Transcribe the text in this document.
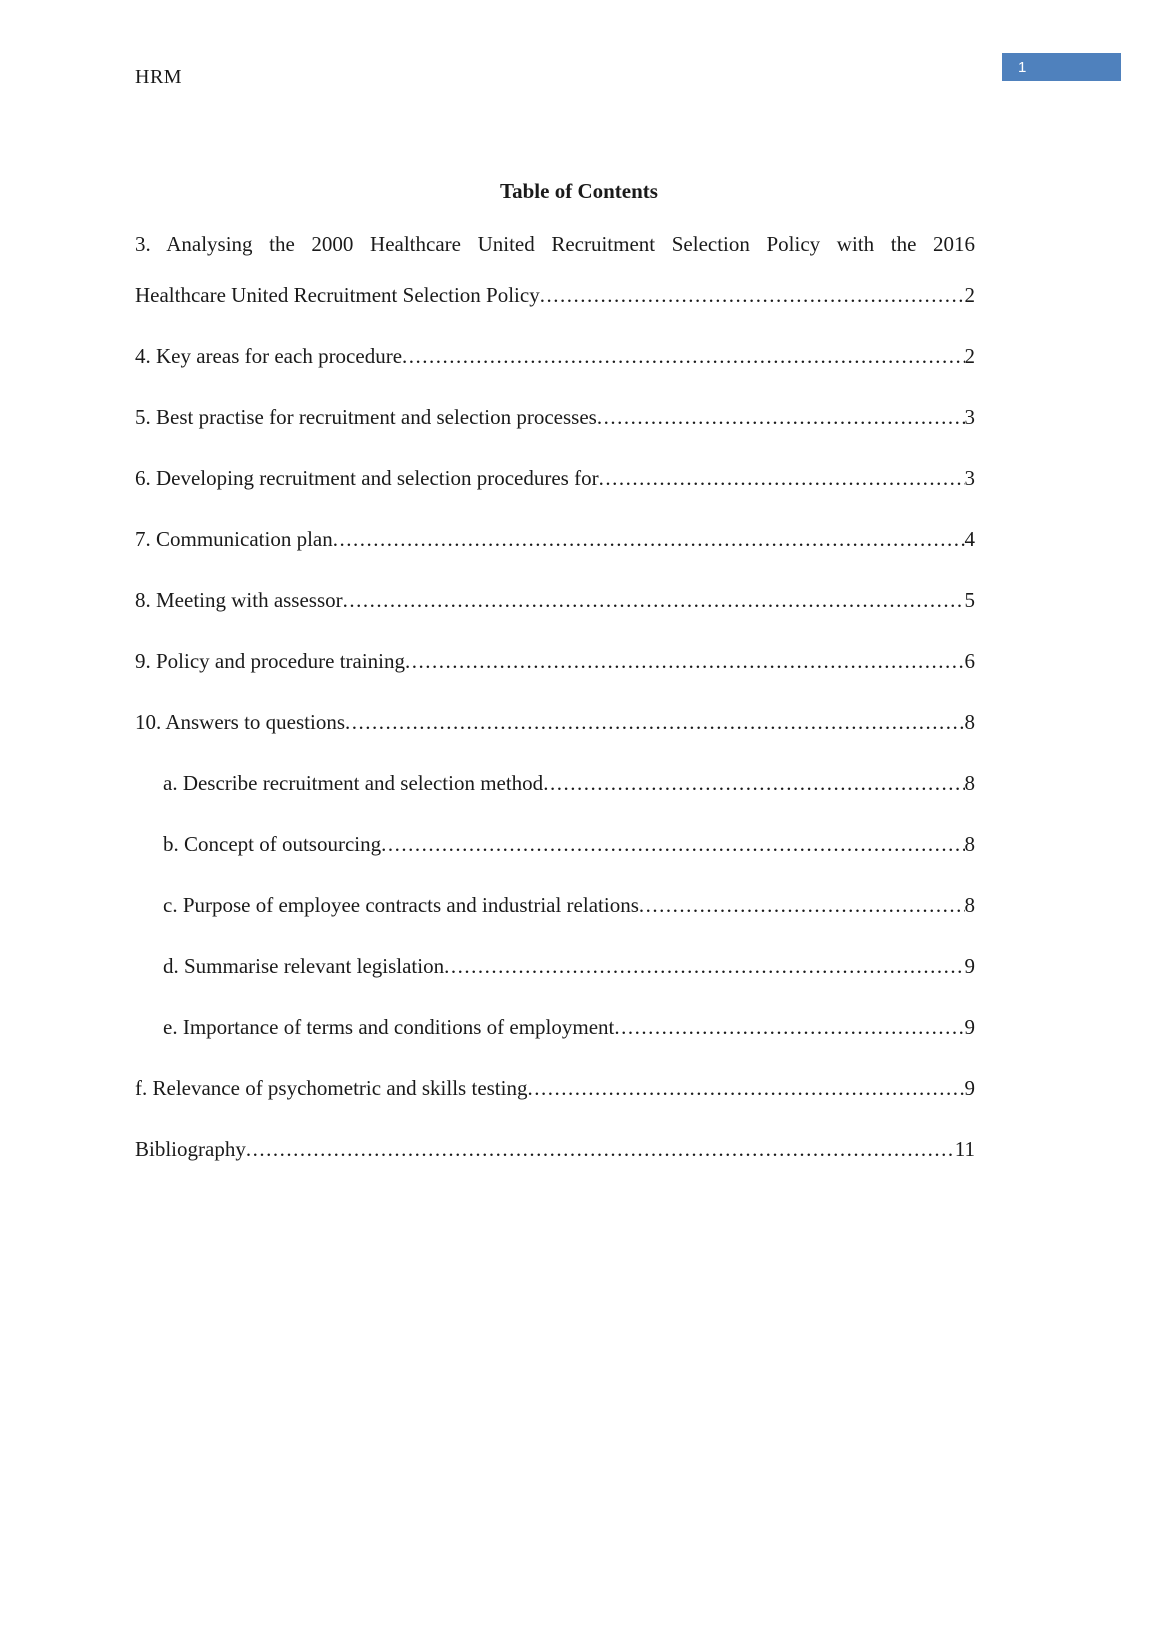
HRM	1
Table of Contents
3. Analysing the 2000 Healthcare United Recruitment Selection Policy with the 2016
Healthcare United Recruitment Selection Policy .....	2
4. Key areas for each procedure .....	2
5. Best practise for recruitment and selection processes .....	3
6. Developing recruitment and selection procedures for .....	3
7. Communication plan .....	4
8. Meeting with assessor .....	5
9. Policy and procedure training .....	6
10. Answers to questions .....	8
a. Describe recruitment and selection method .....	8
b. Concept of outsourcing .....	8
c. Purpose of employee contracts and industrial relations .....	8
d. Summarise relevant legislation .....	9
e. Importance of terms and conditions of employment .....	9
f. Relevance of psychometric and skills testing .....	9
Bibliography .....	11
